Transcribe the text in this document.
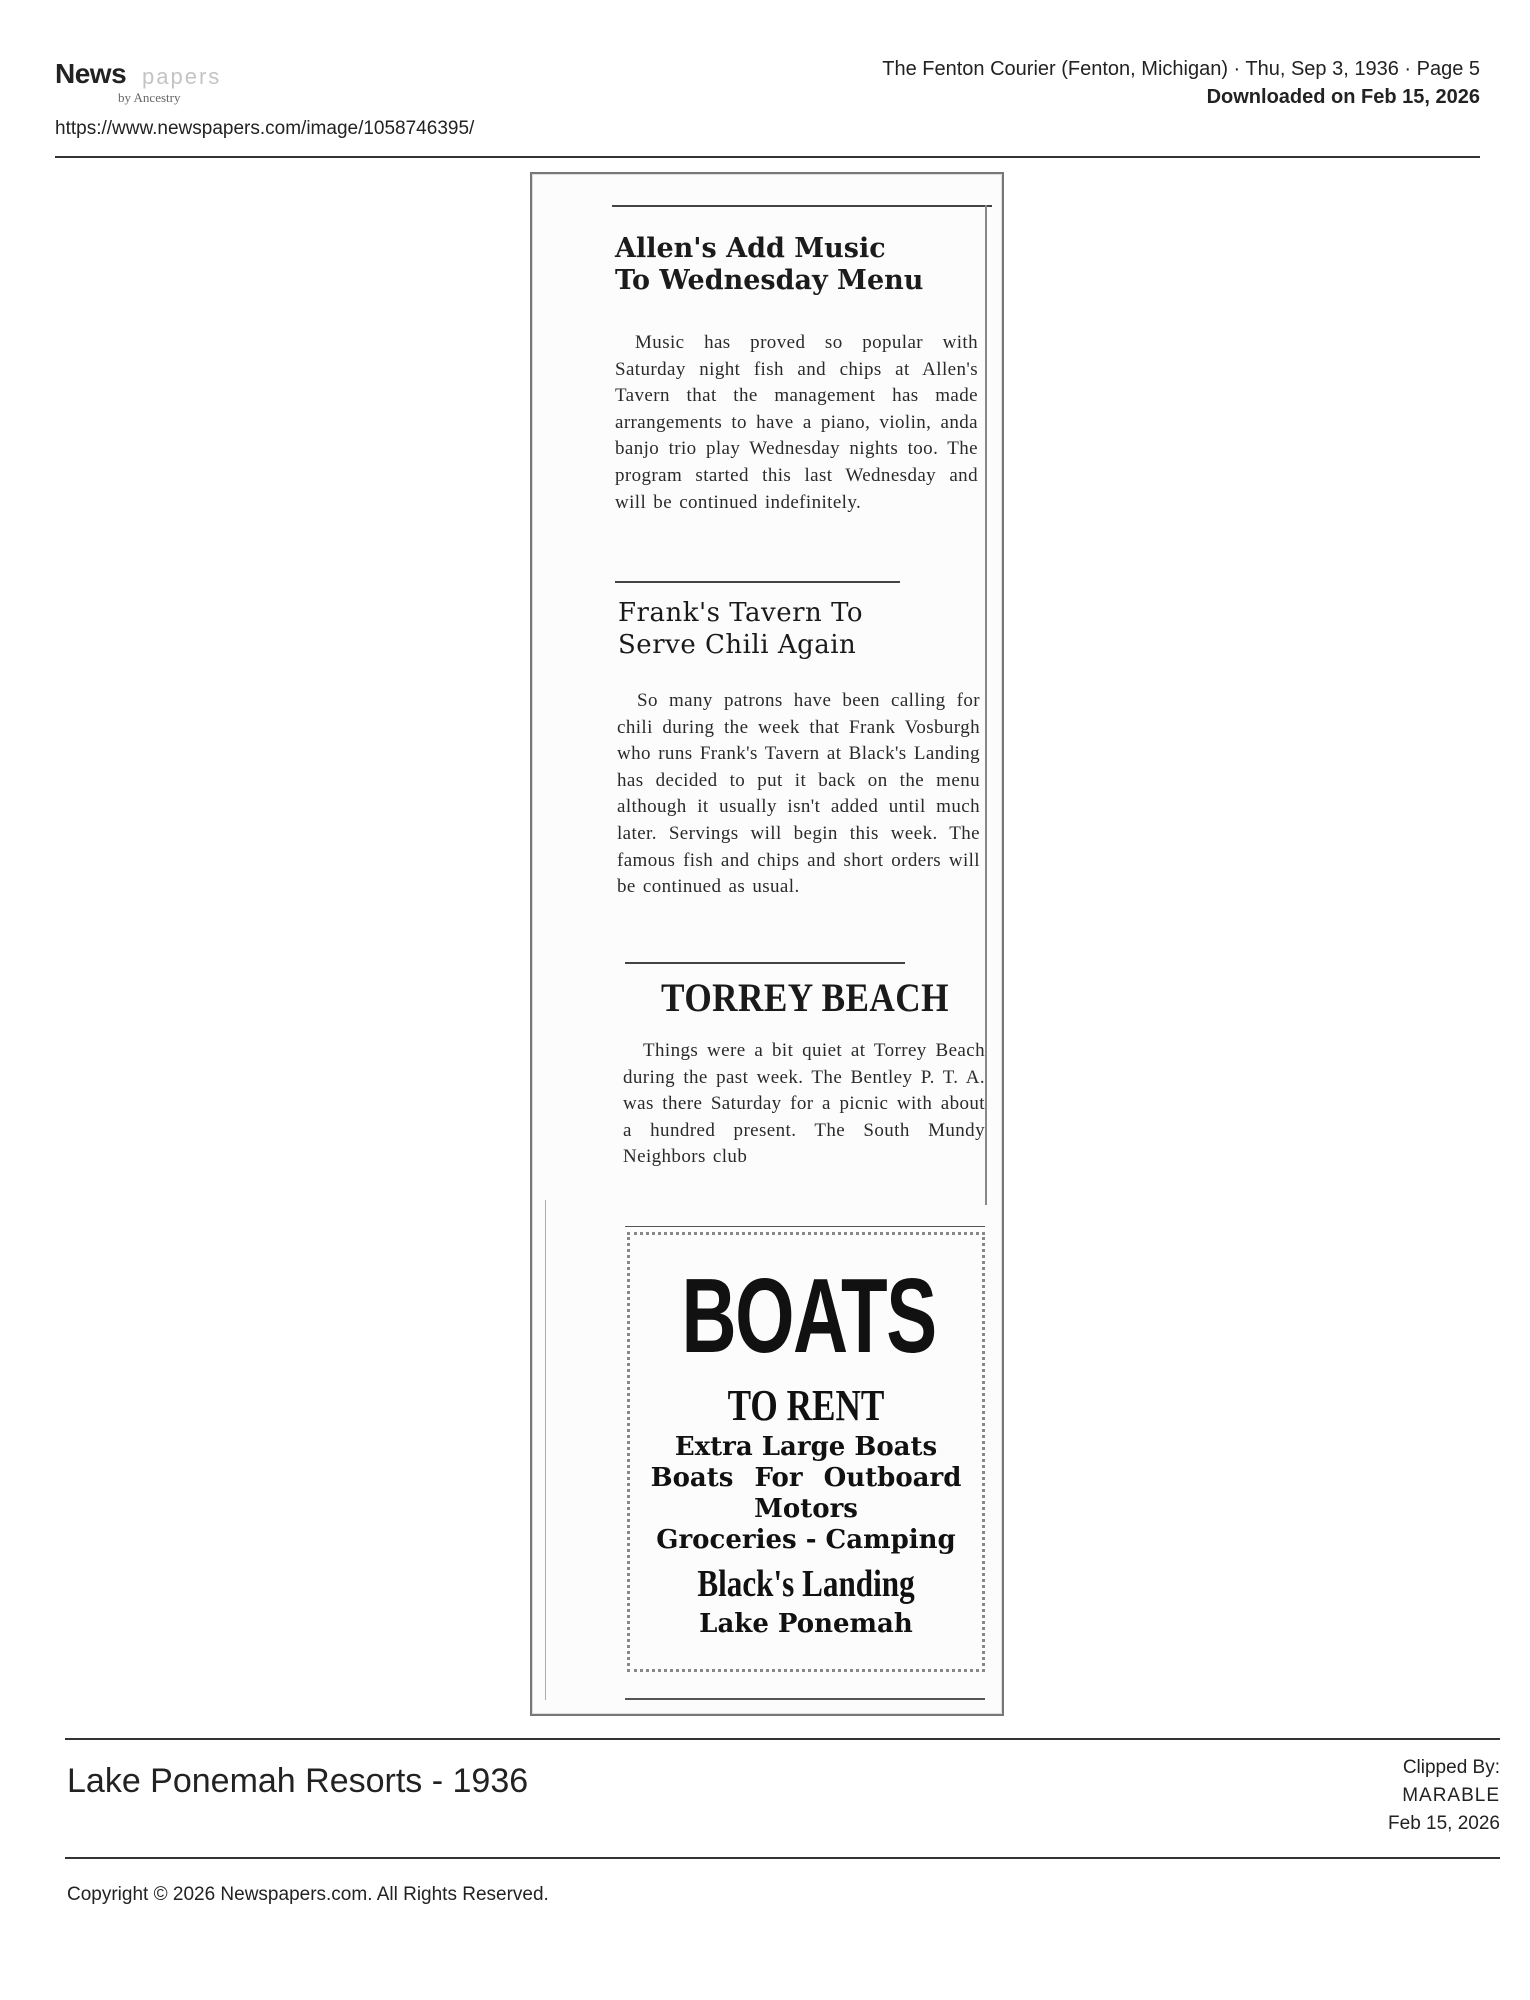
News papers
by Ancestry
https://www.newspapers.com/image/1058746395/
The Fenton Courier (Fenton, Michigan) · Thu, Sep 3, 1936 · Page 5
Downloaded on Feb 15, 2026
Allen's Add Music
To Wednesday Menu
Music has proved so popular with Saturday night fish and chips at Allen's Tavern that the management has made arrangements to have a piano, violin, anda banjo trio play Wednesday nights too. The program started this last Wednesday and will be continued indefinitely.
Frank's Tavern To
Serve Chili Again
So many patrons have been calling for chili during the week that Frank Vosburgh who runs Frank's Tavern at Black's Landing has decided to put it back on the menu although it usually isn't added until much later. Servings will begin this week. The famous fish and chips and short orders will be continued as usual.
TORREY BEACH
Things were a bit quiet at Torrey Beach during the past week. The Bentley P. T. A. was there Saturday for a picnic with about a hundred present. The South Mundy Neighbors club
BOATS
TO RENT
Extra Large Boats
Boats For Outboard
Motors
Groceries - Camping
Black's Landing
Lake Ponemah
Lake Ponemah Resorts - 1936	Clipped By:
MARABLE
Feb 15, 2026
Copyright © 2026 Newspapers.com. All Rights Reserved.
